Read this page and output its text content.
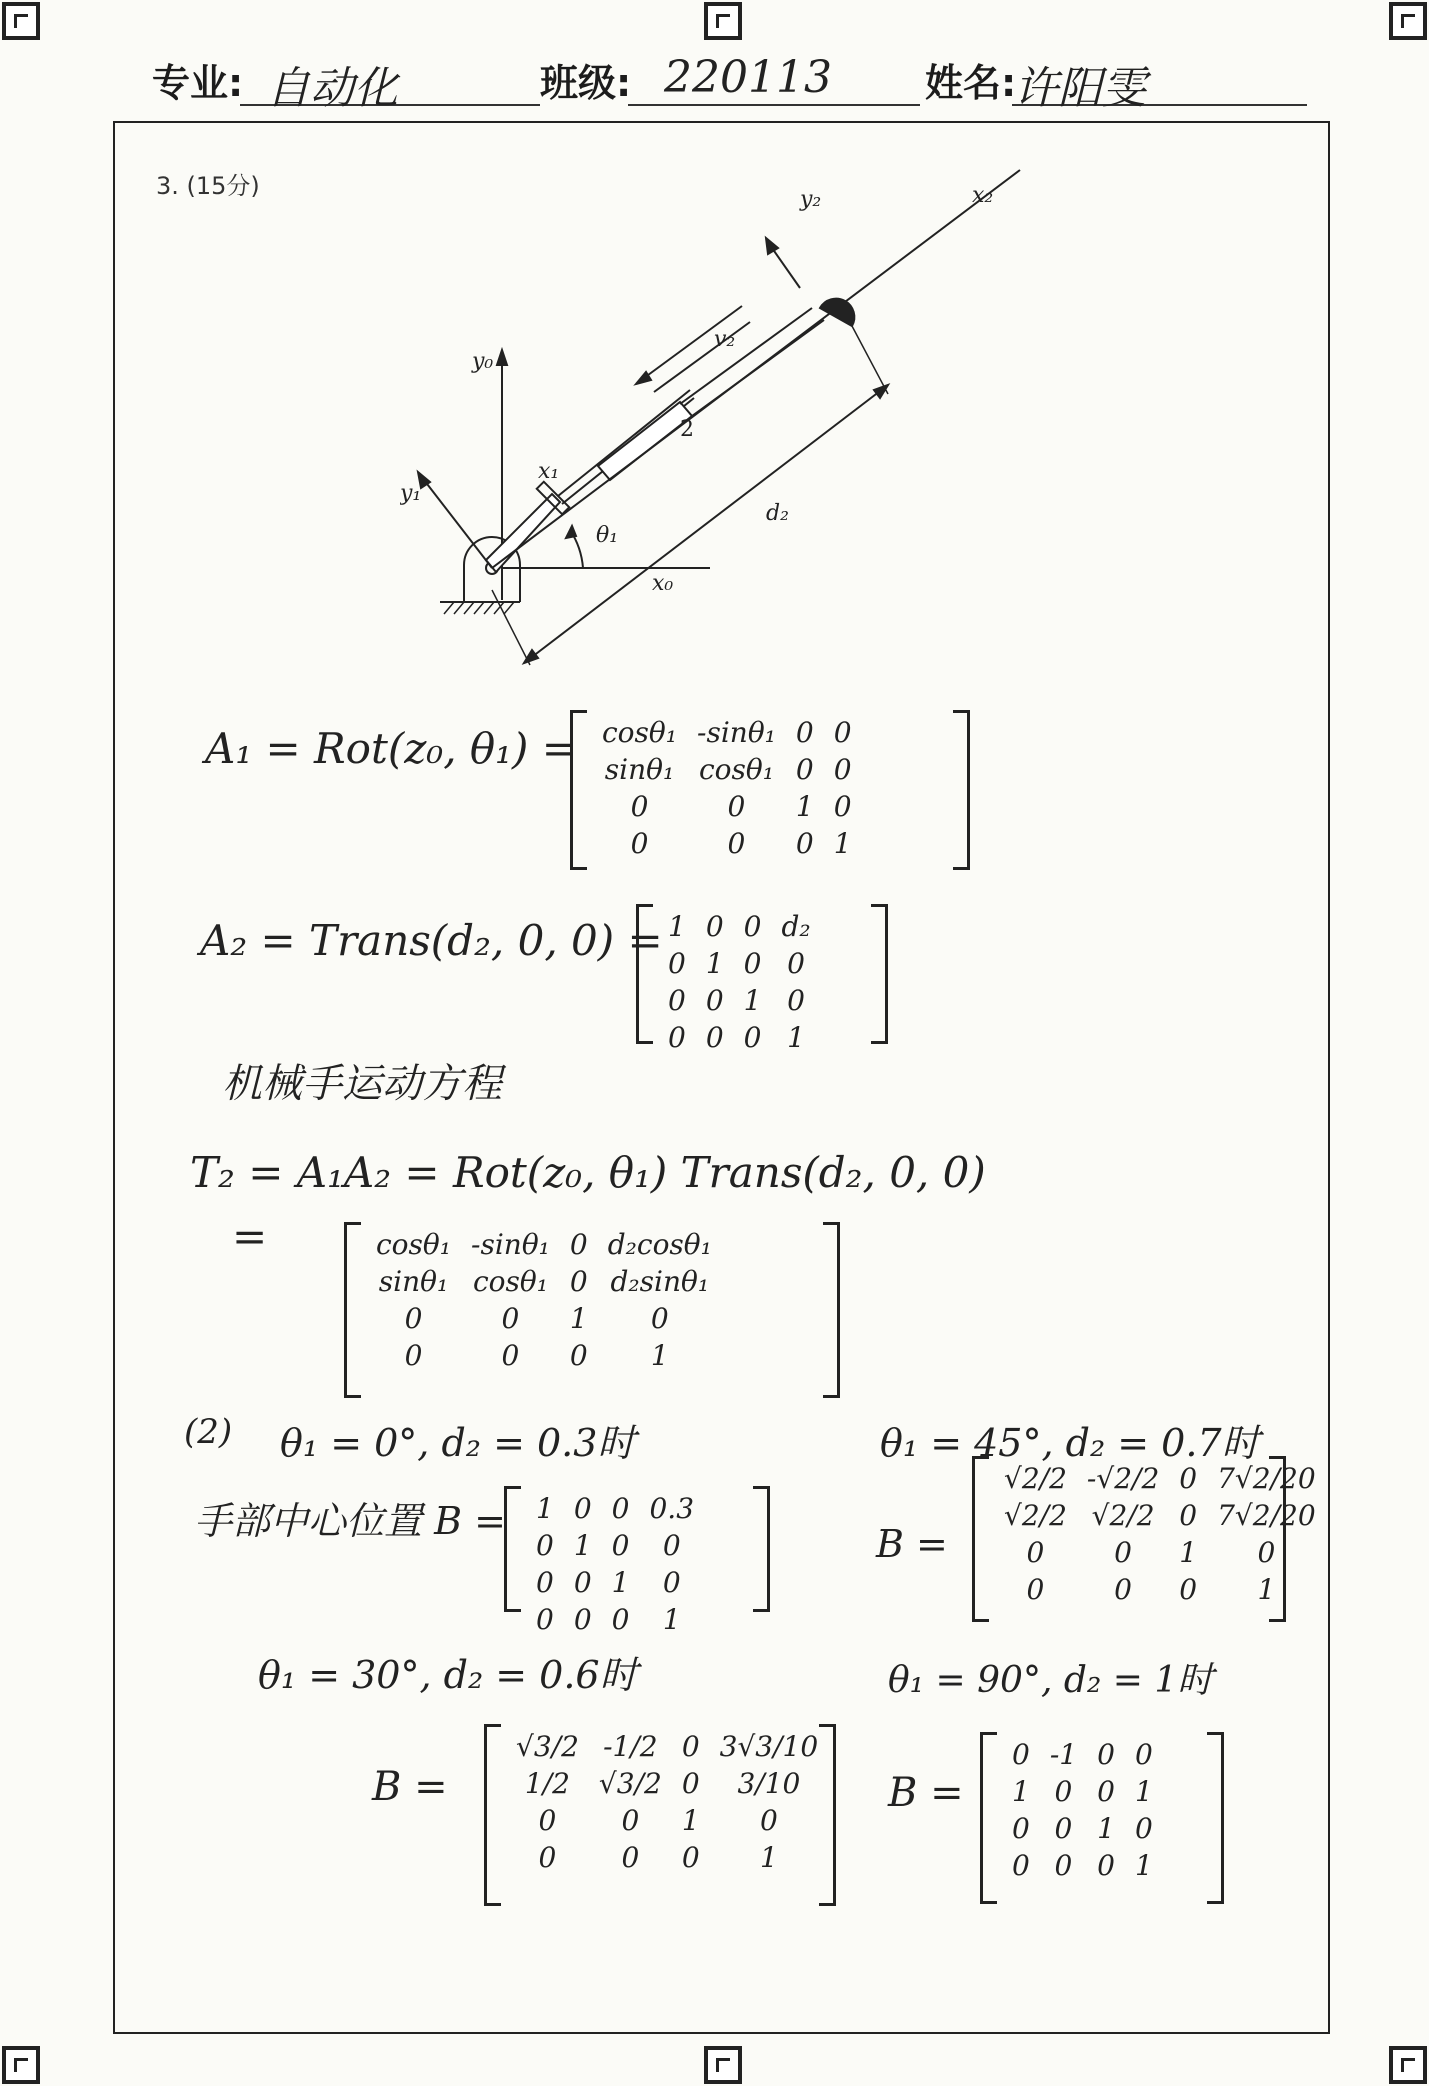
专业: 自动化	班级: 220113 姓名:
许阳雯
3. (15分)
y₀
x₀
x₁
y₁
x₂
y₂
θ₁
d₂
v₂
2
A₁ = Rot(z₀, θ₁) = cosθ₁	-sinθ₁	0	0
sinθ₁	cosθ₁	0	0
0	0	1	0
0	0	0	1
A₂ = Trans(d₂, 0, 0) = 1	0	0	d₂
0	1	0	0
0	0	1	0
0	0	0	1
机械手运动方程
T₂ = A₁A₂ = Rot(z₀, θ₁) Trans(d₂, 0, 0)
=	cosθ₁	-sinθ₁	0	d₂cosθ₁
sinθ₁	cosθ₁	0	d₂sinθ₁
0	0	1	0
0	0	0	1
(2) θ₁ = 0°, d₂ = 0.3时
手部中心位置 B = 1	0	0	0.3
0	1	0	0
0	0	1	0
0	0	0	1
θ₁ = 45°, d₂ = 0.7时
B =
√2/2	-√2/2	0	7√2/20
√2/2	√2/2	0	7√2/20
0	0	1	0
0	0	0	1
θ₁ = 30°, d₂ = 0.6时
B =
√3/2	-1/2	0	3√3/10
1/2	√3/2	0	3/10
0	0	1	0
0	0	0	1
θ₁ = 90°, d₂ = 1时
B =
0	-1	0	0
1	0	0	1
0	0	1	0
0	0	0	1
